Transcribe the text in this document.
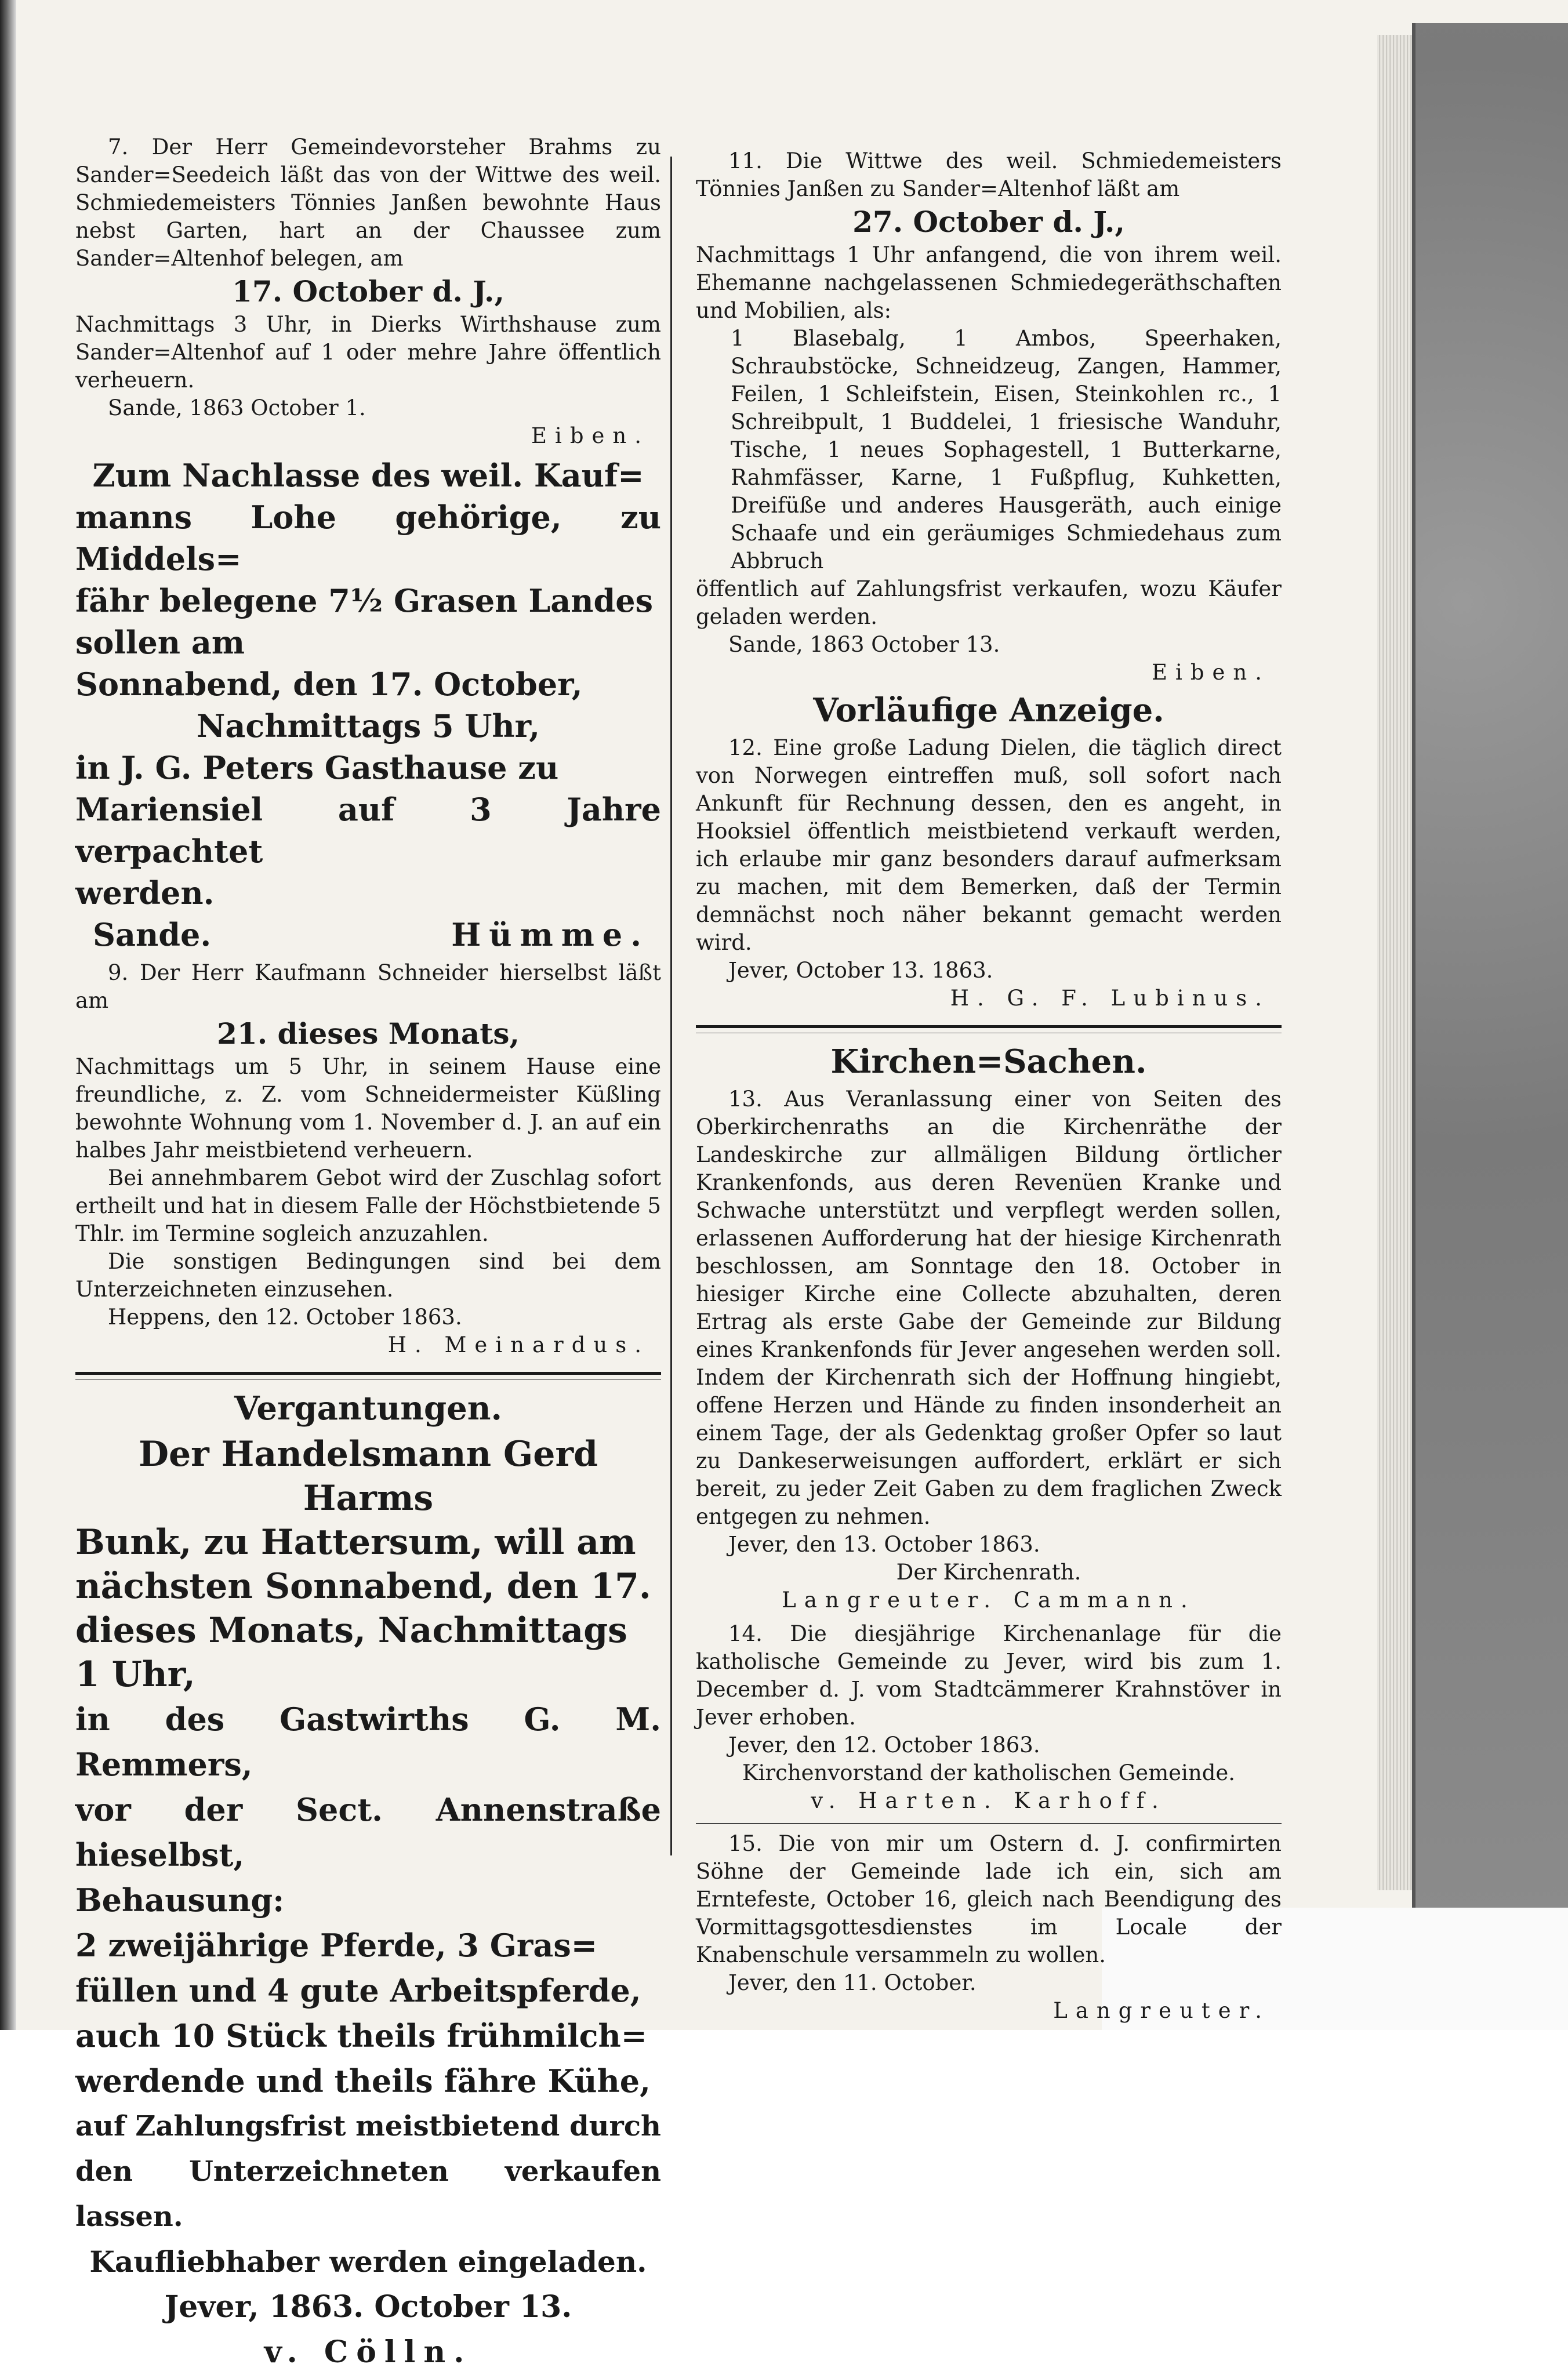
7. Der Herr Gemeindevorsteher Brahms zu Sander=Seedeich läßt das von der Wittwe des weil. Schmiedemeisters Tönnies Janßen bewohnte Haus nebst Garten, hart an der Chaussee zum Sander=Altenhof belegen, am

17. October d. J.,

Nachmittags 3 Uhr, in Dierks Wirthshause zum Sander=Altenhof auf 1 oder mehre Jahre öffentlich verheuern.

Sande, 1863 October 1.

Eiben.

Zum Nachlasse des weil. Kauf=

manns Lohe gehörige, zu Middels=

fähr belegene 7½ Grasen Landes

sollen am

Sonnabend, den 17. October,

Nachmittags 5 Uhr,

in J. G. Peters Gasthause zu

Mariensiel auf 3 Jahre verpachtet

werden.

Sande.	Hümme.

9. Der Herr Kaufmann Schneider hierselbst läßt am

21. dieses Monats,

Nachmittags um 5 Uhr, in seinem Hause eine freundliche, z. Z. vom Schneidermeister Küßling bewohnte Wohnung vom 1. November d. J. an auf ein halbes Jahr meistbietend verheuern.

Bei annehmbarem Gebot wird der Zuschlag sofort ertheilt und hat in diesem Falle der Höchstbietende 5 Thlr. im Termine sogleich anzuzahlen.

Die sonstigen Bedingungen sind bei dem Unterzeichneten einzusehen.

Heppens, den 12. October 1863.

H. Meinardus.

Vergantungen.

Der Handelsmann Gerd Harms

Bunk, zu Hattersum, will am

nächsten Sonnabend, den 17.

dieses Monats, Nachmittags

1 Uhr,

in des Gastwirths G. M. Remmers,

vor der Sect. Annenstraße hieselbst,

Behausung:

2 zweijährige Pferde, 3 Gras=

füllen und 4 gute Arbeitspferde,

auch 10 Stück theils frühmilch=

werdende und theils fähre Kühe,

auf Zahlungsfrist meistbietend durch

den Unterzeichneten verkaufen lassen.

Kaufliebhaber werden eingeladen.

Jever, 1863. October 13.

v. Cölln.

11. Die Wittwe des weil. Schmiedemeisters Tönnies Janßen zu Sander=Altenhof läßt am

27. October d. J.,

Nachmittags 1 Uhr anfangend, die von ihrem weil. Ehemanne nachgelassenen Schmiedegeräthschaften und Mobilien, als:

1 Blasebalg, 1 Ambos, Speerhaken, Schraubstöcke, Schneidzeug, Zangen, Hammer, Feilen, 1 Schleifstein, Eisen, Steinkohlen rc., 1 Schreibpult, 1 Buddelei, 1 friesische Wanduhr, Tische, 1 neues Sophagestell, 1 Butterkarne, Rahmfässer, Karne, 1 Fußpflug, Kuhketten, Dreifüße und anderes Hausgeräth, auch einige Schaafe und ein geräumiges Schmiedehaus zum Abbruch

öffentlich auf Zahlungsfrist verkaufen, wozu Käufer geladen werden.

Sande, 1863 October 13.

Eiben.

Vorläufige Anzeige.

12. Eine große Ladung Dielen, die täglich direct von Norwegen eintreffen muß, soll sofort nach Ankunft für Rechnung dessen, den es angeht, in Hooksiel öffentlich meistbietend verkauft werden, ich erlaube mir ganz besonders darauf aufmerksam zu machen, mit dem Bemerken, daß der Termin demnächst noch näher bekannt gemacht werden wird.

Jever, October 13. 1863.

H. G. F. Lubinus.

Kirchen=Sachen.

13. Aus Veranlassung einer von Seiten des Oberkirchenraths an die Kirchenräthe der Landeskirche zur allmäligen Bildung örtlicher Krankenfonds, aus deren Revenüen Kranke und Schwache unterstützt und verpflegt werden sollen, erlassenen Aufforderung hat der hiesige Kirchenrath beschlossen, am Sonntage den 18. October in hiesiger Kirche eine Collecte abzuhalten, deren Ertrag als erste Gabe der Gemeinde zur Bildung eines Krankenfonds für Jever angesehen werden soll. Indem der Kirchenrath sich der Hoffnung hingiebt, offene Herzen und Hände zu finden insonderheit an einem Tage, der als Gedenktag großer Opfer so laut zu Dankeserweisungen auffordert, erklärt er sich bereit, zu jeder Zeit Gaben zu dem fraglichen Zweck entgegen zu nehmen.

Jever, den 13. October 1863.

Der Kirchenrath.

Langreuter. Cammann.

14. Die diesjährige Kirchenanlage für die katholische Gemeinde zu Jever, wird bis zum 1. December d. J. vom Stadtcämmerer Krahnstöver in Jever erhoben.

Jever, den 12. October 1863.

Kirchenvorstand der katholischen Gemeinde.

v. Harten. Karhoff.

15. Die von mir um Ostern d. J. confirmirten Söhne der Gemeinde lade ich ein, sich am Erntefeste, October 16, gleich nach Beendigung des Vormittagsgottesdienstes im Locale der Knabenschule versammeln zu wollen.

Jever, den 11. October.

Langreuter.
